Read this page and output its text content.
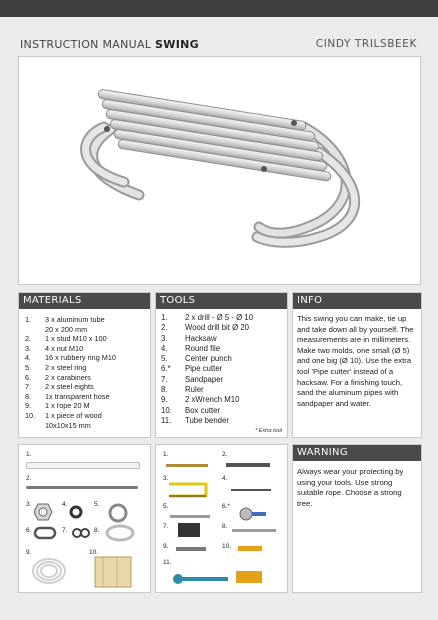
INSTRUCTION MANUAL SWING	CINDY TRILSBEEK
MATERIALS
1.	3 x aluminum tube
20 x 200 mm
2.	1 x stud M10 x 100
3.	4 x nut M10
4.	16 x rubbery ring M10
5.	2 x steel ring
6.	2 x carabiners
7.	2 x steel eights
8.	1x transparent hose
9.	1 x rope 20 M
10.	1 x piece of wood
10x10x15 mm
TOOLS
1.	2 x drill - Ø 5 - Ø 10
2.	Wood drill bit Ø 20
3.	Hacksaw
4.	Round file
5.	Center punch
6.*	Pipe cutter
7.	Sandpaper
8.	Ruler
9.	2 xWrench M10
10.	Box cutter
11.	Tube bender
* Extra tool
INFO
This swing you can make, tie up and take down all by yourself. The measurements are in millimeters. Make two molds, one small (Ø 5) and one big (Ø 10). Use the extra tool 'Pipe cutter' instead of a hacksaw. For a finishing touch, sand the aluminum pipes with sandpaper and water.
1.
2.
3.	4.	5.
6.	7.	8.
9.	10.
1.	2.
3.	4.
5.	6.*
7.	8.
9.	10.
11.
WARNING
Always wear your protecting by using your tools. Use strong suitable rope. Choose a strong tree.
